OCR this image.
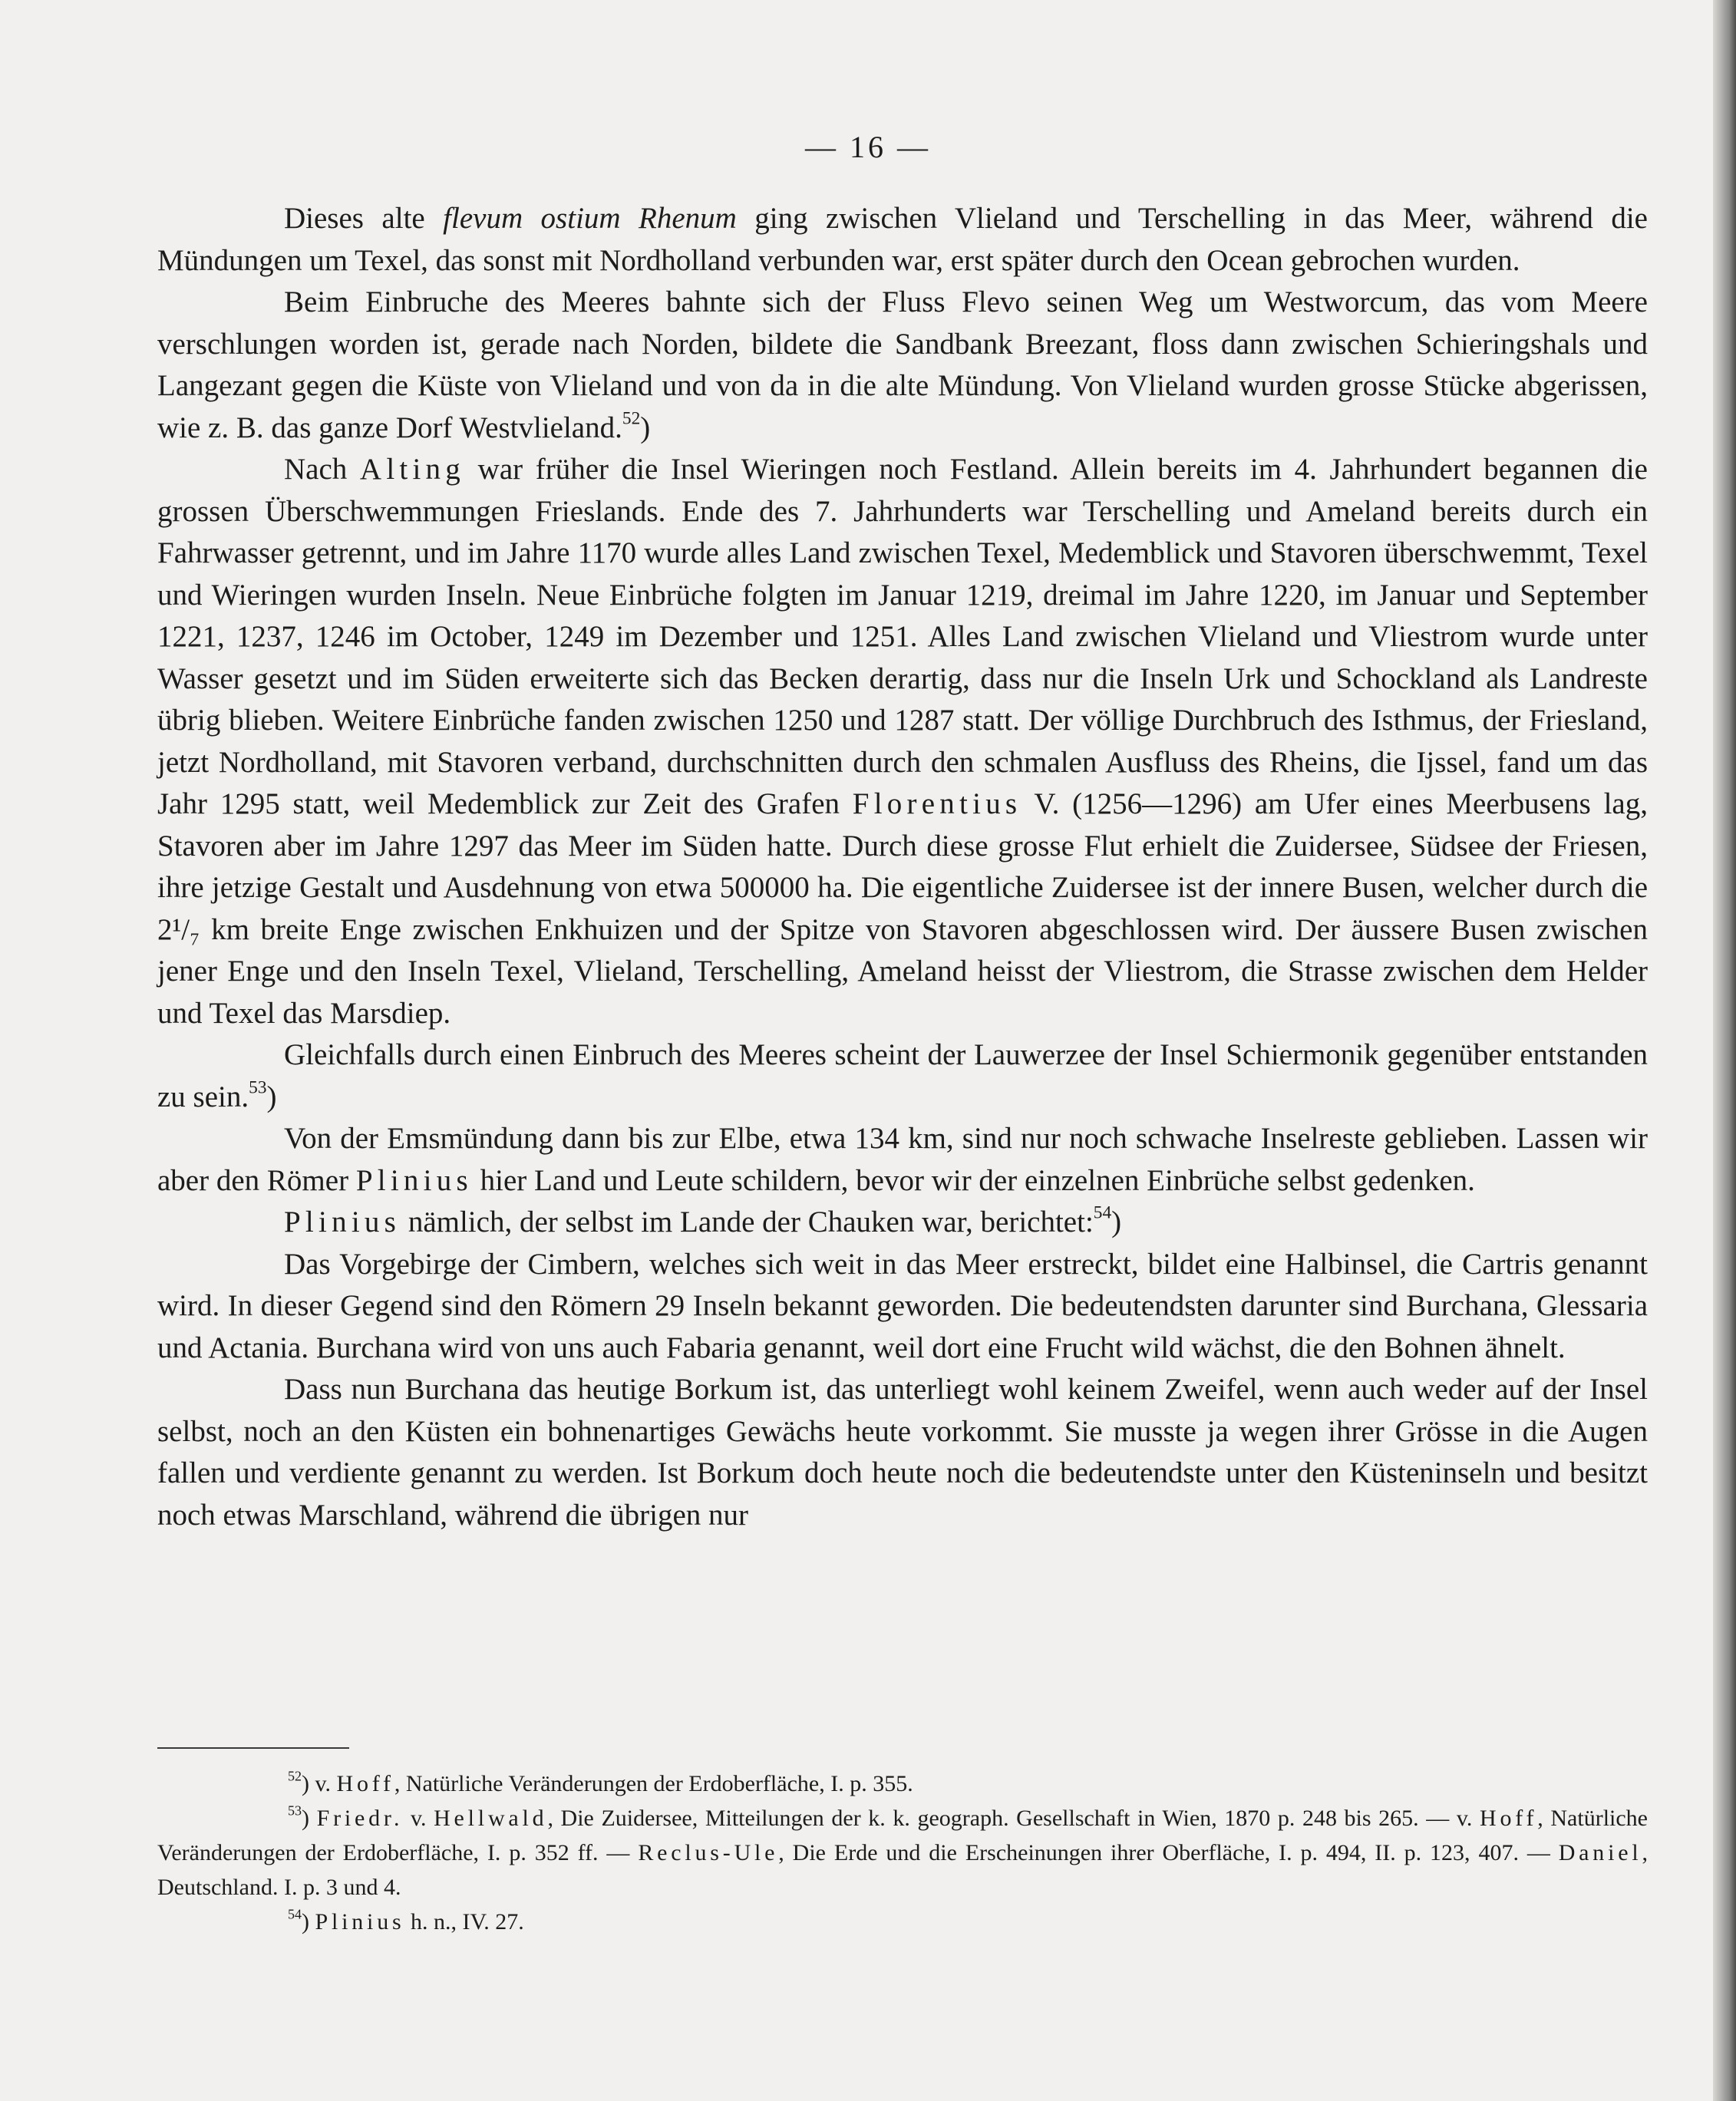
— 16 —

Dieses alte flevum ostium Rhenum ging zwischen Vlieland und Terschelling in das Meer, während die Mündungen um Texel, das sonst mit Nordholland verbunden war, erst später durch den Ocean gebrochen wurden.

Beim Einbruche des Meeres bahnte sich der Fluss Flevo seinen Weg um Westworcum, das vom Meere verschlungen worden ist, gerade nach Norden, bildete die Sandbank Breezant, floss dann zwischen Schieringshals und Langezant gegen die Küste von Vlieland und von da in die alte Mündung. Von Vlieland wurden grosse Stücke abgerissen, wie z. B. das ganze Dorf Westvlieland.$^{52}$)

Nach Alting war früher die Insel Wieringen noch Festland. Allein bereits im 4. Jahrhundert begannen die grossen Überschwemmungen Frieslands. Ende des 7. Jahrhunderts war Terschelling und Ameland bereits durch ein Fahrwasser getrennt, und im Jahre 1170 wurde alles Land zwischen Texel, Medemblick und Stavoren überschwemmt, Texel und Wieringen wurden Inseln. Neue Einbrüche folgten im Januar 1219, dreimal im Jahre 1220, im Januar und September 1221, 1237, 1246 im October, 1249 im Dezember und 1251. Alles Land zwischen Vlieland und Vliestrom wurde unter Wasser gesetzt und im Süden erweiterte sich das Becken derartig, dass nur die Inseln Urk und Schockland als Landreste übrig blieben. Weitere Einbrüche fanden zwischen 1250 und 1287 statt. Der völlige Durchbruch des Isthmus, der Friesland, jetzt Nordholland, mit Stavoren verband, durchschnitten durch den schmalen Ausfluss des Rheins, die Ijssel, fand um das Jahr 1295 statt, weil Medemblick zur Zeit des Grafen Florentius V. (1256—1296) am Ufer eines Meerbusens lag, Stavoren aber im Jahre 1297 das Meer im Süden hatte. Durch diese grosse Flut erhielt die Zuidersee, Südsee der Friesen, ihre jetzige Gestalt und Ausdehnung von etwa 500000 ha. Die eigentliche Zuidersee ist der innere Busen, welcher durch die 2¹/₇ km breite Enge zwischen Enkhuizen und der Spitze von Stavoren abgeschlossen wird. Der äussere Busen zwischen jener Enge und den Inseln Texel, Vlieland, Terschelling, Ameland heisst der Vliestrom, die Strasse zwischen dem Helder und Texel das Marsdiep.

Gleichfalls durch einen Einbruch des Meeres scheint der Lauwerzee der Insel Schiermonik gegenüber entstanden zu sein.$^{53}$)

Von der Emsmündung dann bis zur Elbe, etwa 134 km, sind nur noch schwache Inselreste geblieben. Lassen wir aber den Römer Plinius hier Land und Leute schildern, bevor wir der einzelnen Einbrüche selbst gedenken.

Plinius nämlich, der selbst im Lande der Chauken war, berichtet:$^{54}$)

Das Vorgebirge der Cimbern, welches sich weit in das Meer erstreckt, bildet eine Halbinsel, die Cartris genannt wird. In dieser Gegend sind den Römern 29 Inseln bekannt geworden. Die bedeutendsten darunter sind Burchana, Glessaria und Actania. Burchana wird von uns auch Fabaria genannt, weil dort eine Frucht wild wächst, die den Bohnen ähnelt.

Dass nun Burchana das heutige Borkum ist, das unterliegt wohl keinem Zweifel, wenn auch weder auf der Insel selbst, noch an den Küsten ein bohnenartiges Gewächs heute vorkommt. Sie musste ja wegen ihrer Grösse in die Augen fallen und verdiente genannt zu werden. Ist Borkum doch heute noch die bedeutendste unter den Küsteninseln und besitzt noch etwas Marschland, während die übrigen nur

$^{52}$) v. Hoff, Natürliche Veränderungen der Erdoberfläche, I. p. 355.

$^{53}$) Friedr. v. Hellwald, Die Zuidersee, Mitteilungen der k. k. geograph. Gesellschaft in Wien, 1870 p. 248 bis 265. — v. Hoff, Natürliche Veränderungen der Erdoberfläche, I. p. 352 ff. — Reclus-Ule, Die Erde und die Erscheinungen ihrer Oberfläche, I. p. 494, II. p. 123, 407. — Daniel, Deutschland. I. p. 3 und 4.

$^{54}$) Plinius h. n., IV. 27.
